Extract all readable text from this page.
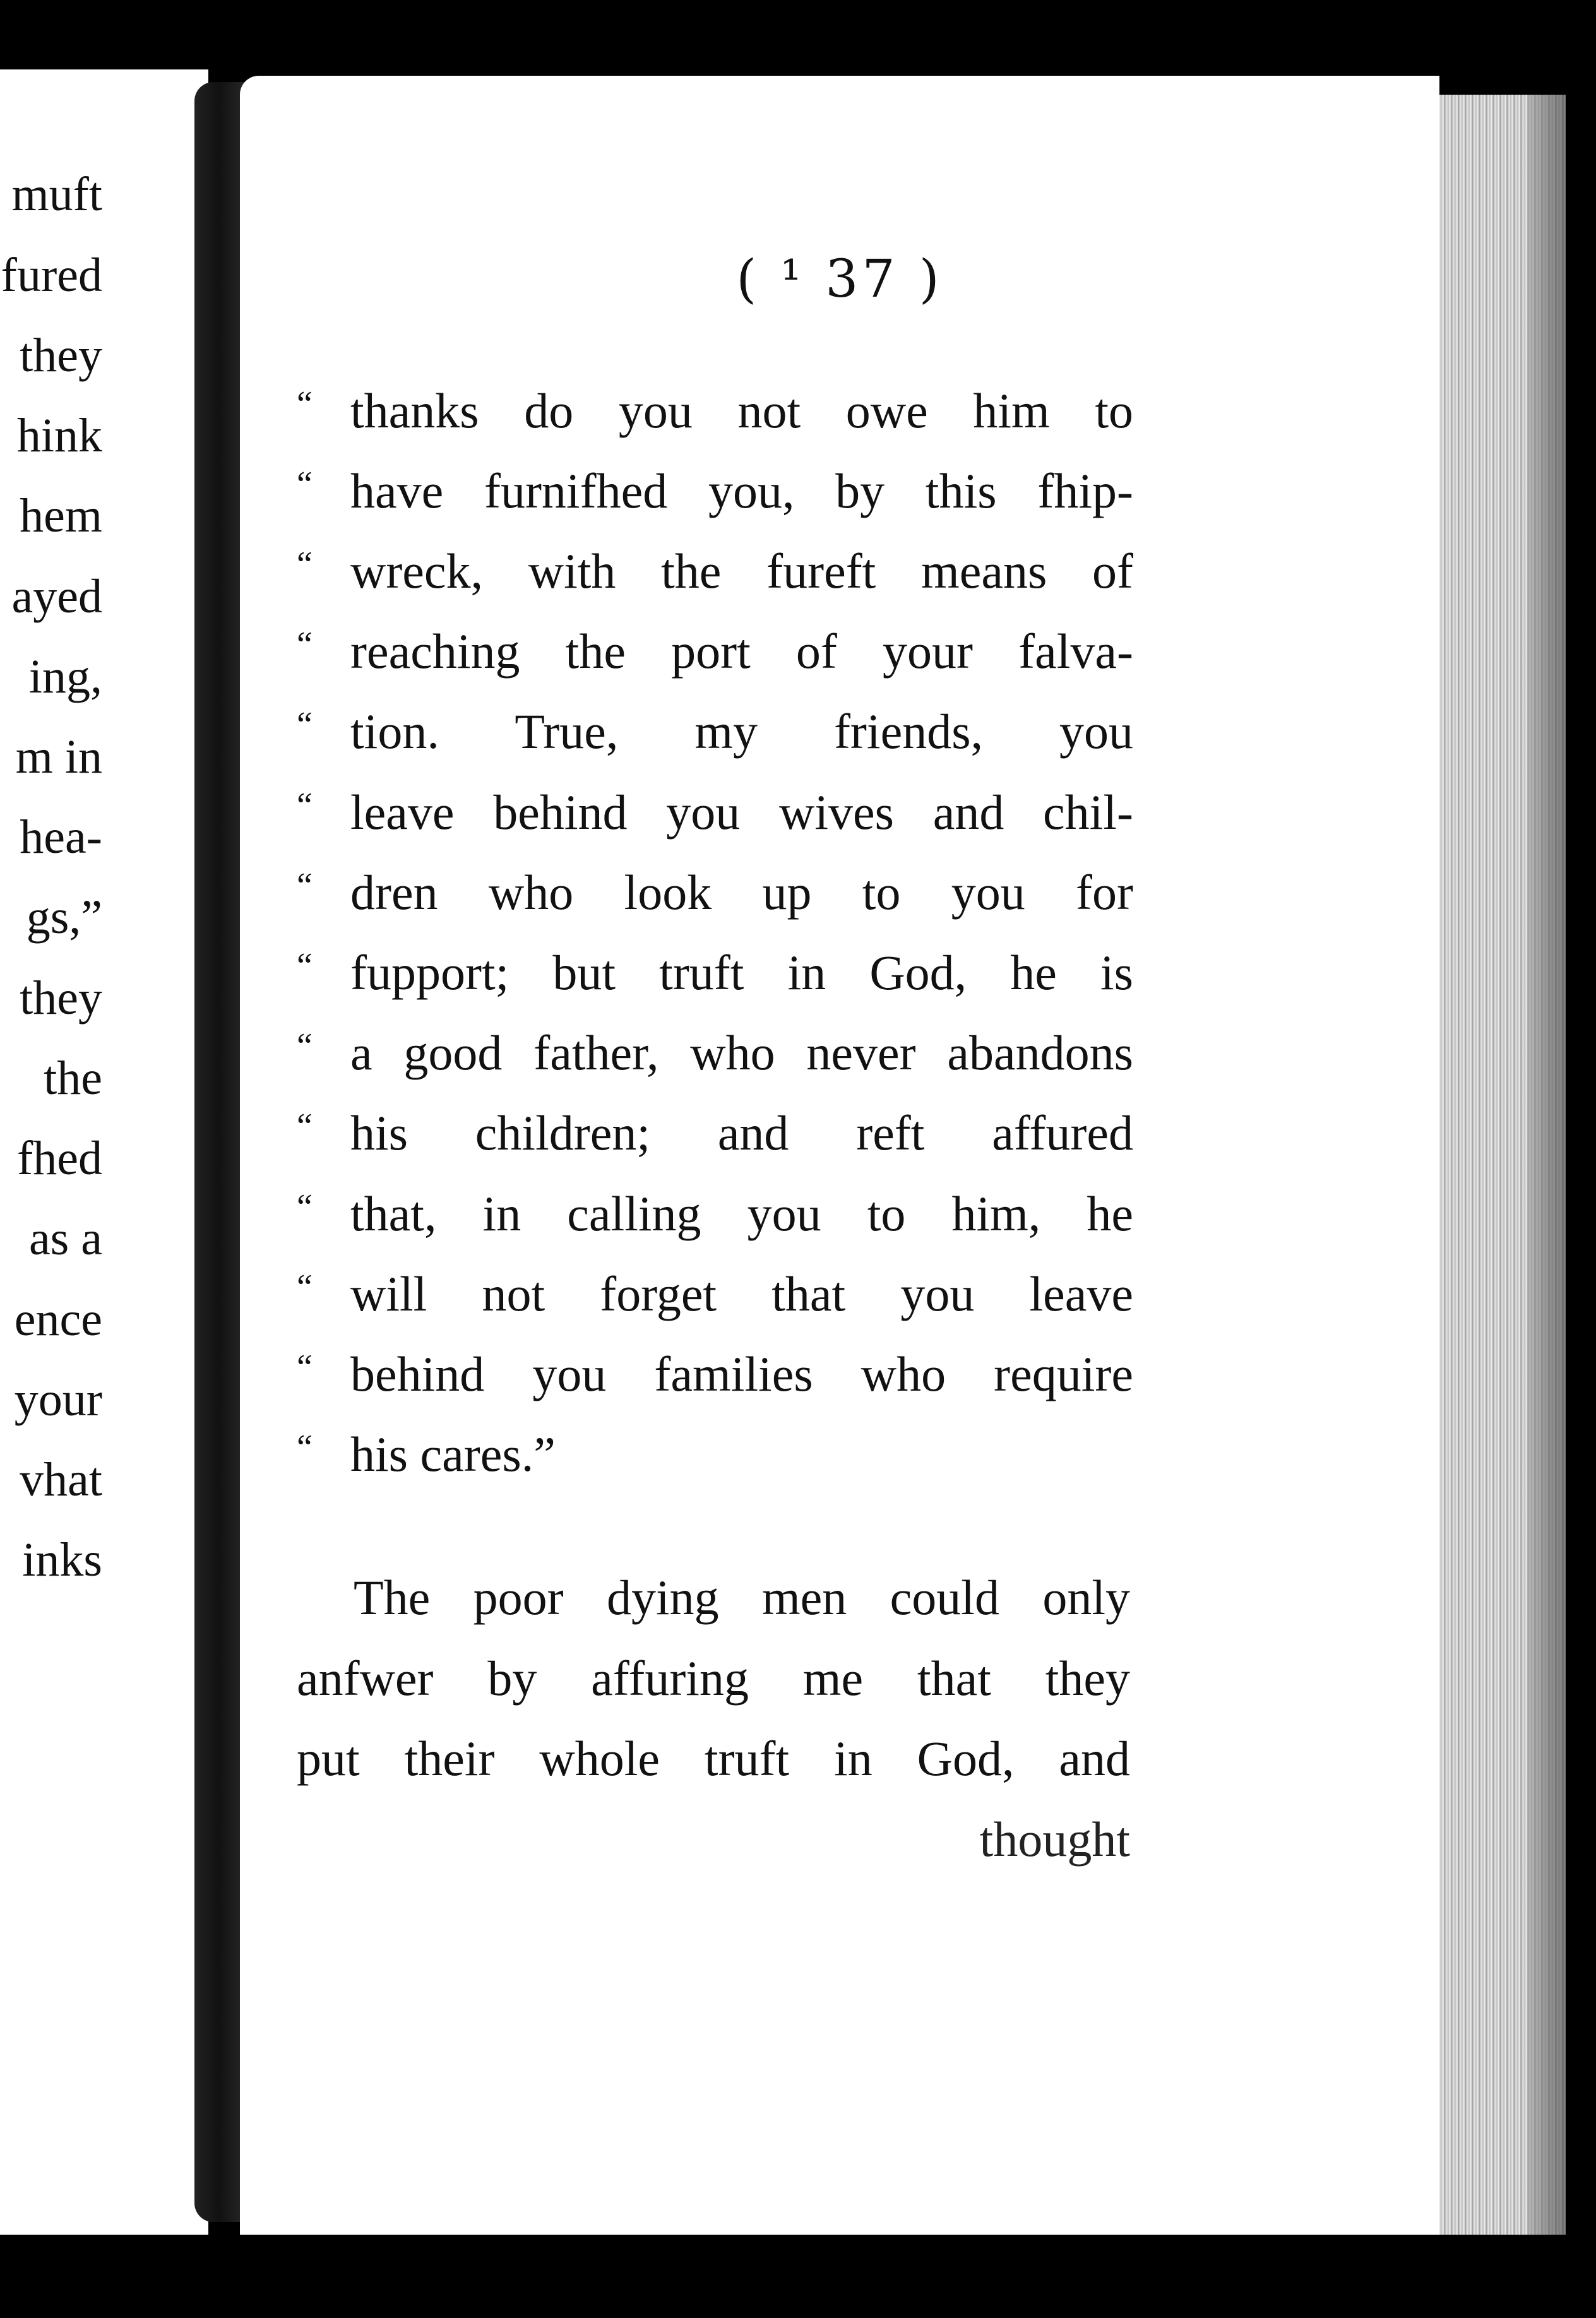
muft
fured
they
hink
hem
ayed
ing,
m in
hea-
gs,”
they
the
fhed
as a
ence
your
vhat
inks
( ¹ 37 )
“
“
“
“
“
“
“
“
“
“
“
“
“
“
thanks do you not owe him to
have furnifhed you, by this fhip-
wreck, with the fureft means of
reaching the port of your falva-
tion. True, my friends, you
leave behind you wives and chil-
dren who look up to you for
fupport; but truft in God, he is
a good father, who never abandons
his children; and reft affured
that, in calling you to him, he
will not forget that you leave
behind you families who require
his cares.”
The poor dying men could only
anfwer by affuring me that they
put their whole truft in God, and
thought
